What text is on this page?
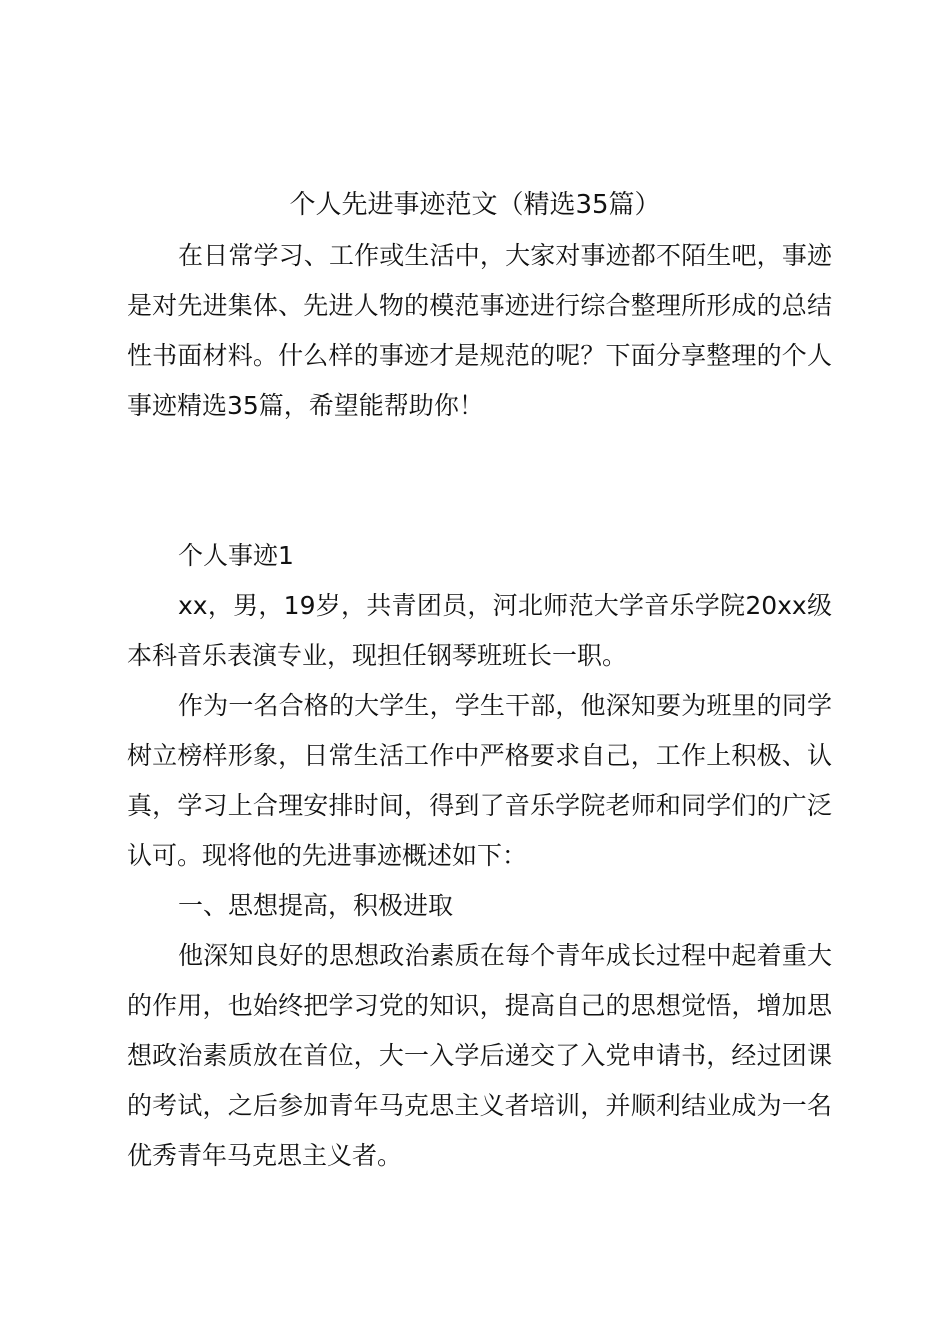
个人先进事迹范文（精选35篇）

在日常学习、工作或生活中，大家对事迹都不陌生吧，事迹是对先进集体、先进人物的模范事迹进行综合整理所形成的总结性书面材料。什么样的事迹才是规范的呢？下面分享整理的个人事迹精选35篇，希望能帮助你！

个人事迹1

xx，男，19岁，共青团员，河北师范大学音乐学院20xx级本科音乐表演专业，现担任钢琴班班长一职。

作为一名合格的大学生，学生干部，他深知要为班里的同学树立榜样形象，日常生活工作中严格要求自己，工作上积极、认真，学习上合理安排时间，得到了音乐学院老师和同学们的广泛认可。现将他的先进事迹概述如下：

一、思想提高，积极进取

他深知良好的思想政治素质在每个青年成长过程中起着重大的作用，也始终把学习党的知识，提高自己的思想觉悟，增加思想政治素质放在首位，大一入学后递交了入党申请书，经过团课的考试，之后参加青年马克思主义者培训，并顺利结业成为一名优秀青年马克思主义者。
